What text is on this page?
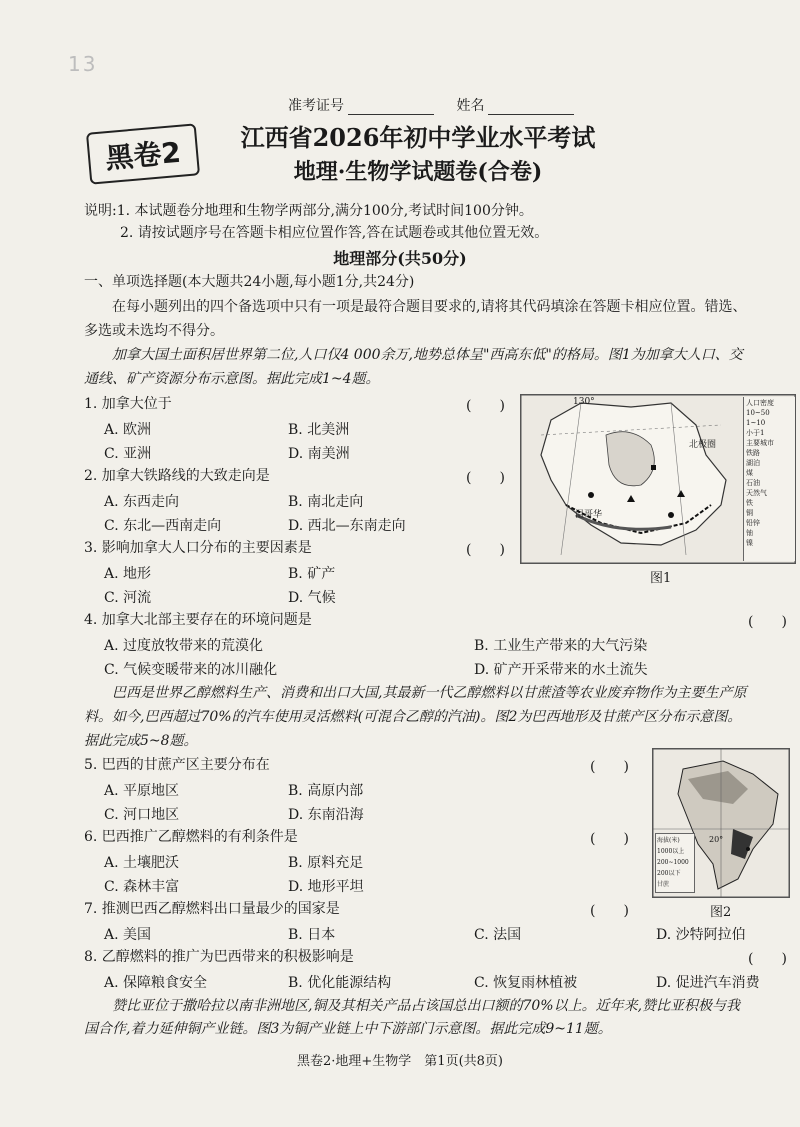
13
准考证号	姓名
黑卷2	江西省2026年初中学业水平考试
地理·生物学试题卷(合卷)
说明:1. 本试题卷分地理和生物学两部分,满分100分,考试时间100分钟。
2. 请按试题序号在答题卡相应位置作答,答在试题卷或其他位置无效。
地理部分(共50分)
一、单项选择题(本大题共24小题,每小题1分,共24分)
在每小题列出的四个备选项中只有一项是最符合题目要求的,请将其代码填涂在答题卡相应位置。错选、
多选或未选均不得分。
加拿大国土面积居世界第二位,人口仅4 000余万,地势总体呈"西高东低"的格局。图1为加拿大人口、交
通线、矿产资源分布示意图。据此完成1~4题。
1. 加拿大位于	(　　)
A. 欧洲	B. 北美洲
C. 亚洲	D. 南美洲
2. 加拿大铁路线的大致走向是	(　　)
A. 东西走向	B. 南北走向
C. 东北—西南走向	D. 西北—东南走向
3. 影响加拿大人口分布的主要因素是	(　　)
A. 地形	B. 矿产
C. 河流	D. 气候
130°
北极圈
温哥华
人口密度
10~50
1~10
小于1
主要城市
铁路
湖泊
煤
石油
天然气
铁
铜
铅锌
铀
镍
图1
4. 加拿大北部主要存在的环境问题是	(　　)
A. 过度放牧带来的荒漠化	B. 工业生产带来的大气污染
C. 气候变暖带来的冰川融化	D. 矿产开采带来的水土流失
巴西是世界乙醇燃料生产、消费和出口大国,其最新一代乙醇燃料以甘蔗渣等农业废弃物作为主要生产原
料。如今,巴西超过70%的汽车使用灵活燃料(可混合乙醇的汽油)。图2为巴西地形及甘蔗产区分布示意图。
据此完成5~8题。
5. 巴西的甘蔗产区主要分布在	(　　)
A. 平原地区	B. 高原内部
C. 河口地区	D. 东南沿海
6. 巴西推广乙醇燃料的有利条件是	(　　)
A. 土壤肥沃	B. 原料充足
C. 森林丰富	D. 地形平坦
20°
海拔(米)
1000以上
200~1000
200以下
甘蔗
图2
7. 推测巴西乙醇燃料出口量最少的国家是	(　　)
A. 美国	B. 日本	C. 法国	D. 沙特阿拉伯
8. 乙醇燃料的推广为巴西带来的积极影响是	(　　)
A. 保障粮食安全	B. 优化能源结构	C. 恢复雨林植被	D. 促进汽车消费
赞比亚位于撒哈拉以南非洲地区,铜及其相关产品占该国总出口额的70%以上。近年来,赞比亚积极与我
国合作,着力延伸铜产业链。图3为铜产业链上中下游部门示意图。据此完成9~11题。
黑卷2·地理+生物学　第1页(共8页)
